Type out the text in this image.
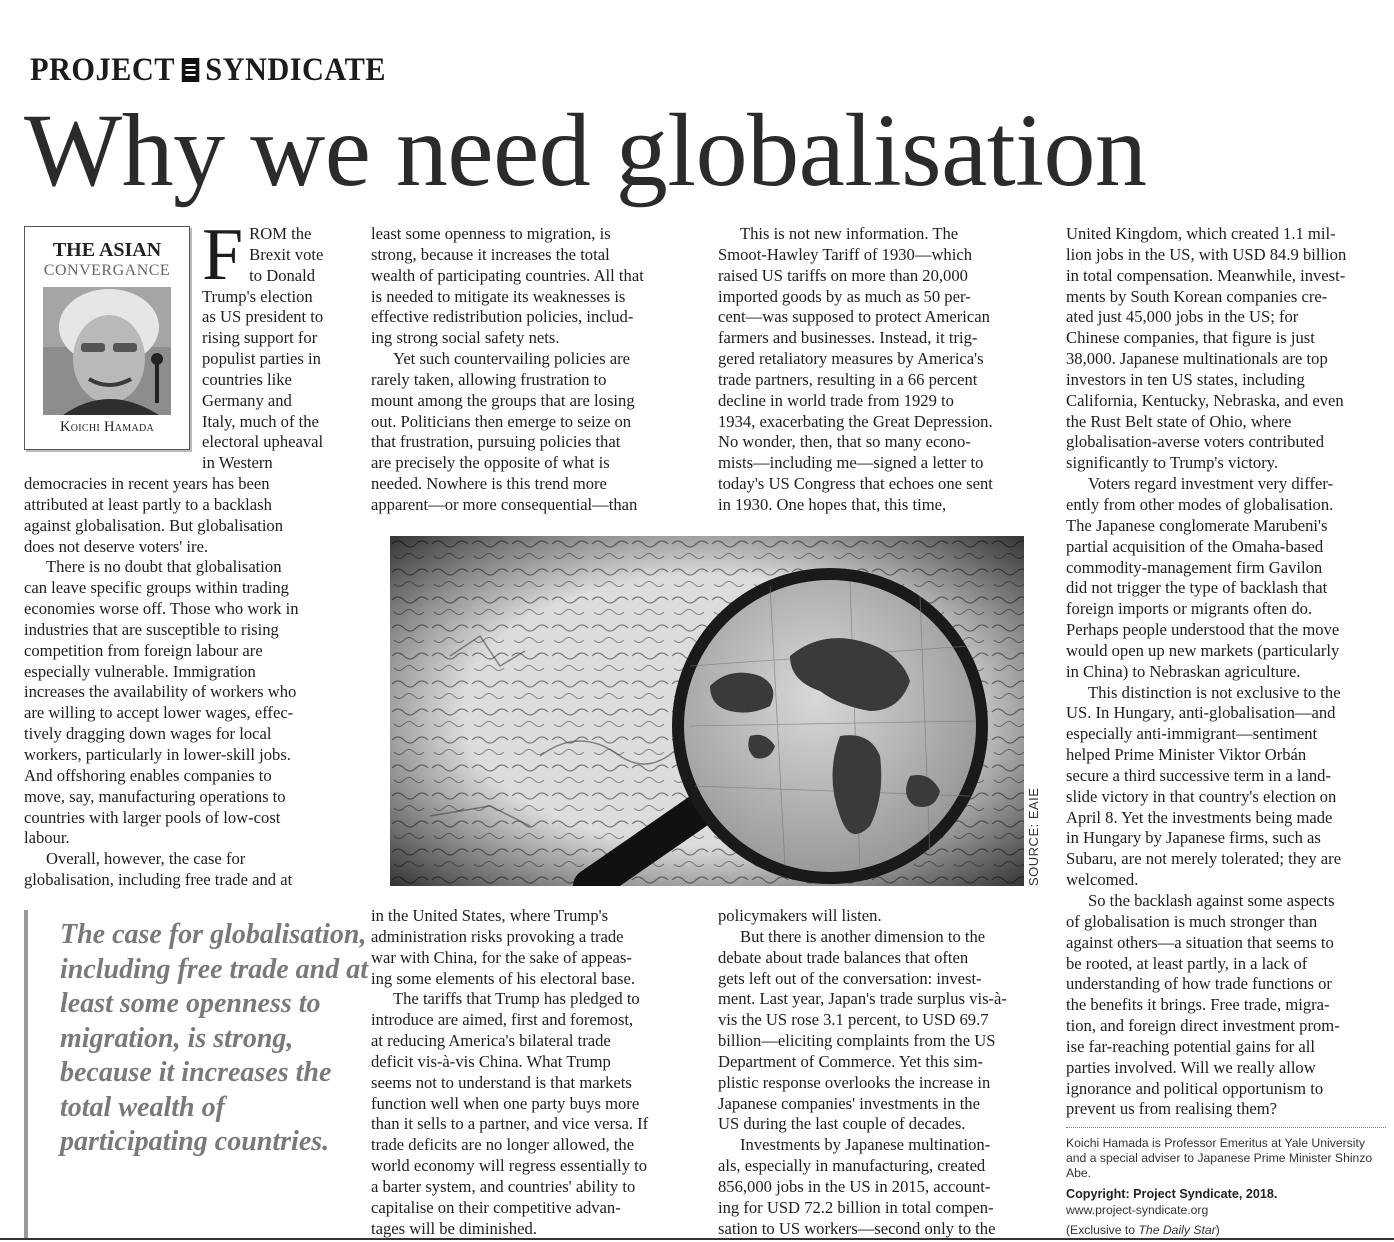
PROJECT SYNDICATE
Why we need globalisation
THE ASIAN
CONVERGANCE
Koichi Hamada
F ROM the
Brexit vote
to Donald
Trump's election
as US president to
rising support for
populist parties in
countries like
Germany and
Italy, much of the
electoral upheaval
in Western
democracies in recent years has been
attributed at least partly to a backlash
against globalisation. But globalisation
does not deserve voters' ire.
There is no doubt that globalisation
can leave specific groups within trading
economies worse off. Those who work in
industries that are susceptible to rising
competition from foreign labour are
especially vulnerable. Immigration
increases the availability of workers who
are willing to accept lower wages, effec-
tively dragging down wages for local
workers, particularly in lower-skill jobs.
And offshoring enables companies to
move, say, manufacturing operations to
countries with larger pools of low-cost
labour.
Overall, however, the case for
globalisation, including free trade and at
least some openness to migration, is
strong, because it increases the total
wealth of participating countries. All that
is needed to mitigate its weaknesses is
effective redistribution policies, includ-
ing strong social safety nets.
Yet such countervailing policies are
rarely taken, allowing frustration to
mount among the groups that are losing
out. Politicians then emerge to seize on
that frustration, pursuing policies that
are precisely the opposite of what is
needed. Nowhere is this trend more
apparent—or more consequential—than
This is not new information. The
Smoot-Hawley Tariff of 1930—which
raised US tariffs on more than 20,000
imported goods by as much as 50 per-
cent—was supposed to protect American
farmers and businesses. Instead, it trig-
gered retaliatory measures by America's
trade partners, resulting in a 66 percent
decline in world trade from 1929 to
1934, exacerbating the Great Depression.
No wonder, then, that so many econo-
mists—including me—signed a letter to
today's US Congress that echoes one sent
in 1930. One hopes that, this time,
SOURCE: EAIE
The case for globalisation, including free trade and at least some openness to migration, is strong, because it increases the total wealth of participating countries.
in the United States, where Trump's
administration risks provoking a trade
war with China, for the sake of appeas-
ing some elements of his electoral base.
The tariffs that Trump has pledged to
introduce are aimed, first and foremost,
at reducing America's bilateral trade
deficit vis-à-vis China. What Trump
seems not to understand is that markets
function well when one party buys more
than it sells to a partner, and vice versa. If
trade deficits are no longer allowed, the
world economy will regress essentially to
a barter system, and countries' ability to
capitalise on their competitive advan-
tages will be diminished.
policymakers will listen.
But there is another dimension to the
debate about trade balances that often
gets left out of the conversation: invest-
ment. Last year, Japan's trade surplus vis-à-
vis the US rose 3.1 percent, to USD 69.7
billion—eliciting complaints from the US
Department of Commerce. Yet this sim-
plistic response overlooks the increase in
Japanese companies' investments in the
US during the last couple of decades.
Investments by Japanese multination-
als, especially in manufacturing, created
856,000 jobs in the US in 2015, account-
ing for USD 72.2 billion in total compen-
sation to US workers—second only to the
United Kingdom, which created 1.1 mil-
lion jobs in the US, with USD 84.9 billion
in total compensation. Meanwhile, invest-
ments by South Korean companies cre-
ated just 45,000 jobs in the US; for
Chinese companies, that figure is just
38,000. Japanese multinationals are top
investors in ten US states, including
California, Kentucky, Nebraska, and even
the Rust Belt state of Ohio, where
globalisation-averse voters contributed
significantly to Trump's victory.
Voters regard investment very differ-
ently from other modes of globalisation.
The Japanese conglomerate Marubeni's
partial acquisition of the Omaha-based
commodity-management firm Gavilon
did not trigger the type of backlash that
foreign imports or migrants often do.
Perhaps people understood that the move
would open up new markets (particularly
in China) to Nebraskan agriculture.
This distinction is not exclusive to the
US. In Hungary, anti-globalisation—and
especially anti-immigrant—sentiment
helped Prime Minister Viktor Orbán
secure a third successive term in a land-
slide victory in that country's election on
April 8. Yet the investments being made
in Hungary by Japanese firms, such as
Subaru, are not merely tolerated; they are
welcomed.
So the backlash against some aspects
of globalisation is much stronger than
against others—a situation that seems to
be rooted, at least partly, in a lack of
understanding of how trade functions or
the benefits it brings. Free trade, migra-
tion, and foreign direct investment prom-
ise far-reaching potential gains for all
parties involved. Will we really allow
ignorance and political opportunism to
prevent us from realising them?
Koichi Hamada is Professor Emeritus at Yale University and a special adviser to Japanese Prime Minister Shinzo Abe.
Copyright: Project Syndicate, 2018.
www.project-syndicate.org
(Exclusive to The Daily Star)
